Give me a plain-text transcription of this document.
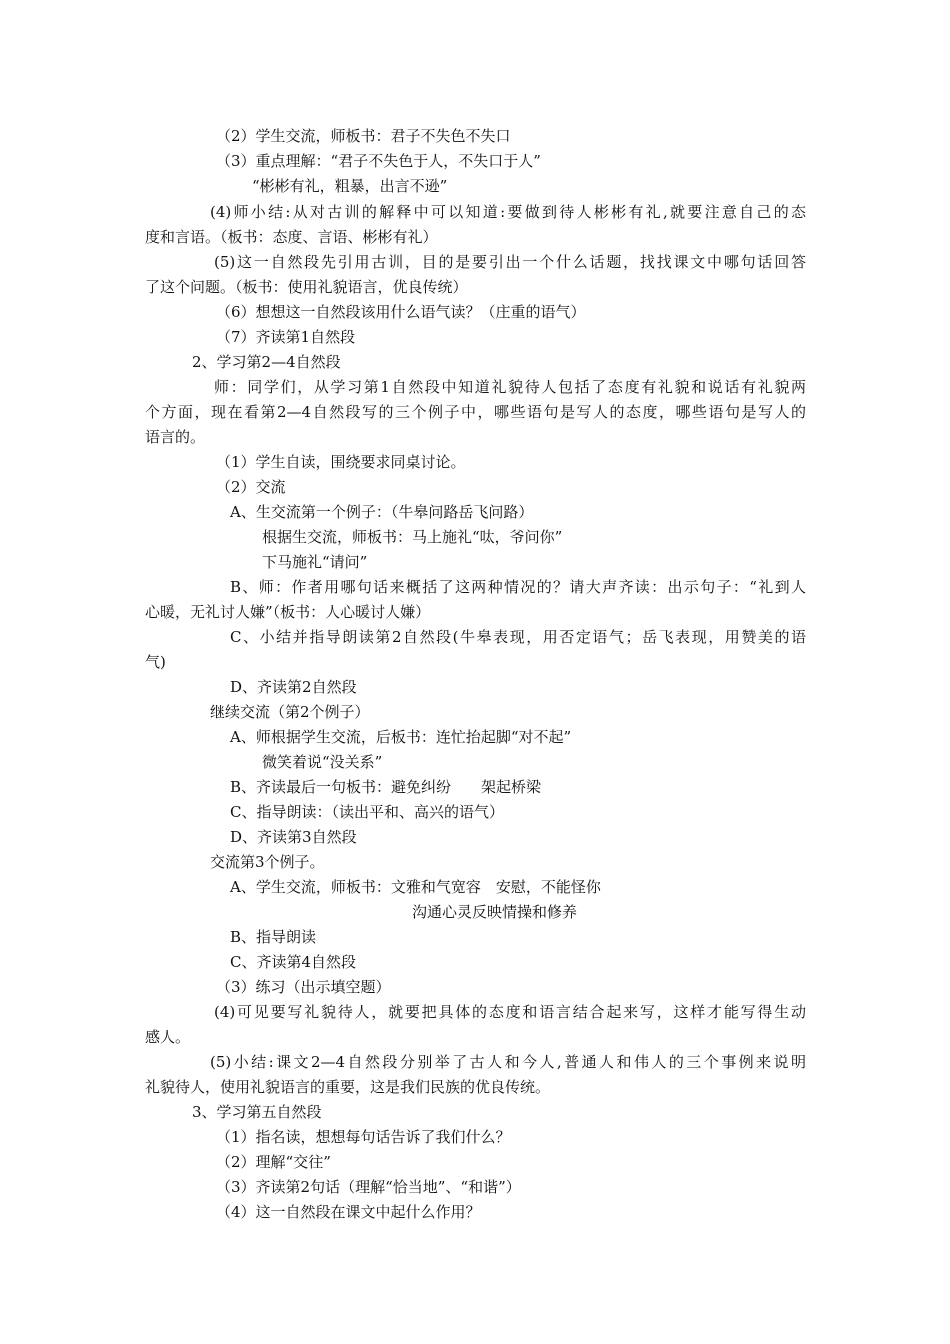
（2）学生交流，师板书：君子不失色不失口
（3）重点理解：“君子不失色于人，不失口于人”
“彬彬有礼，粗暴，出言不逊”
(4)师小结:从对古训的解释中可以知道:要做到待人彬彬有礼,就要注意自己的态
度和言语。（板书：态度、言语、彬彬有礼）
(5)这一自然段先引用古训，目的是要引出一个什么话题，找找课文中哪句话回答
了这个问题。（板书：使用礼貌语言，优良传统）
（6）想想这一自然段该用什么语气读？（庄重的语气）
（7）齐读第1自然段
2、学习第2—4自然段
师：同学们，从学习第1自然段中知道礼貌待人包括了态度有礼貌和说话有礼貌两
个方面，现在看第2—4自然段写的三个例子中，哪些语句是写人的态度，哪些语句是写人的
语言的。
（1）学生自读，围绕要求同桌讨论。
（2）交流
A、生交流第一个例子：（牛皋问路岳飞问路）
根据生交流，师板书：马上施礼“呔，爷问你”
下马施礼“请问”
B、师：作者用哪句话来概括了这两种情况的？请大声齐读：出示句子：“礼到人
心暖，无礼讨人嫌”（板书：人心暖讨人嫌）
C、小结并指导朗读第2自然段(牛皋表现，用否定语气；岳飞表现，用赞美的语
气)
D、齐读第2自然段
继续交流（第2个例子）
A、师根据学生交流，后板书：连忙抬起脚“对不起”
微笑着说“没关系”
B、齐读最后一句板书：避免纠纷　　架起桥梁
C、指导朗读：（读出平和、高兴的语气）
D、齐读第3自然段
交流第3个例子。
A、学生交流，师板书：文雅和气宽容　安慰，不能怪你
沟通心灵反映情操和修养
B、指导朗读
C、齐读第4自然段
（3）练习（出示填空题）
(4)可见要写礼貌待人，就要把具体的态度和语言结合起来写，这样才能写得生动
感人。
(5)小结:课文2—4自然段分别举了古人和今人,普通人和伟人的三个事例来说明
礼貌待人，使用礼貌语言的重要，这是我们民族的优良传统。
3、学习第五自然段
（1）指名读，想想每句话告诉了我们什么？
（2）理解“交往”
（3）齐读第2句话（理解“恰当地”、“和谐”）
（4）这一自然段在课文中起什么作用？
